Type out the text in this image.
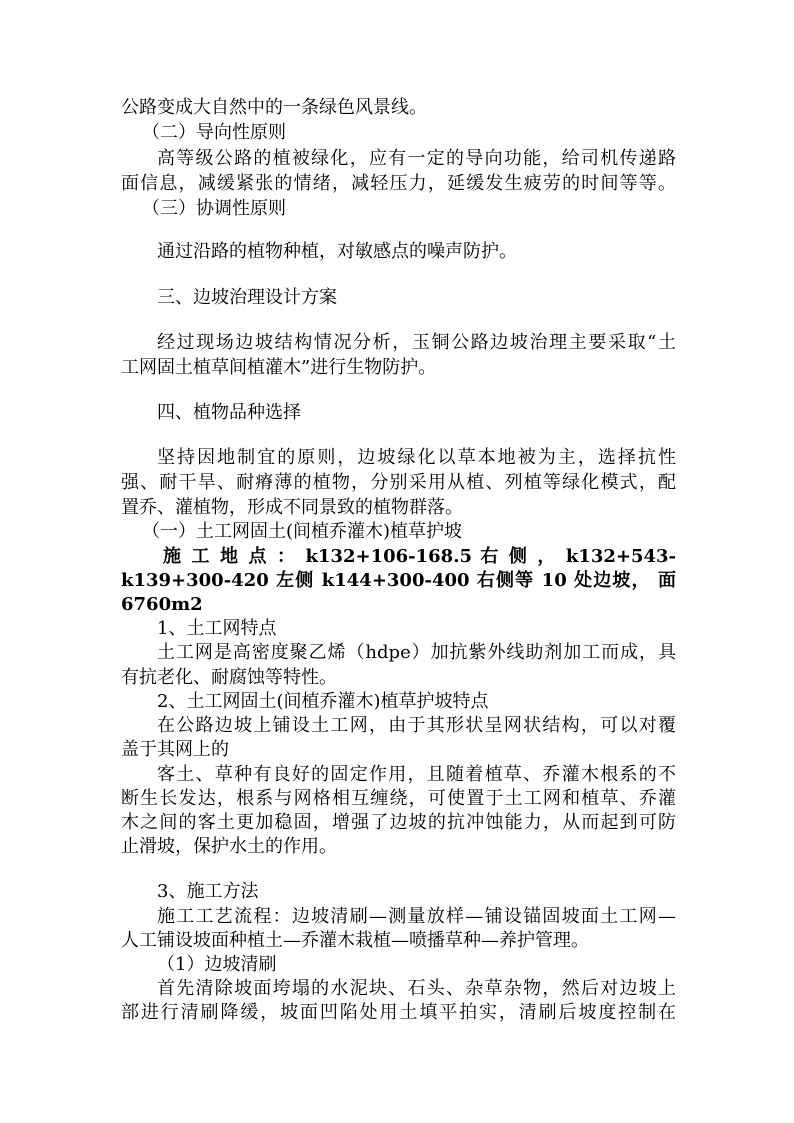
公路变成大自然中的一条绿色风景线。
（二）导向性原则
高等级公路的植被绿化，应有一定的导向功能，给司机传递路
面信息，减缓紧张的情绪，减轻压力，延缓发生疲劳的时间等等。
（三）协调性原则
通过沿路的植物种植，对敏感点的噪声防护。
三、边坡治理设计方案
经过现场边坡结构情况分析，玉铜公路边坡治理主要采取“土
工网固土植草间植灌木”进行生物防护。
四、植物品种选择
坚持因地制宜的原则，边坡绿化以草本地被为主，选择抗性
强、耐干旱、耐瘠薄的植物，分别采用从植、列植等绿化模式，配
置乔、灌植物，形成不同景致的植物群落。
（一）土工网固土(间植乔灌木)植草护坡
施 工 地 点 ： k132+106-168.5 右 侧 ， k132+543-
k139+300-420 左侧 k144+300-400 右侧等 10 处边坡， 面
6760m2
1、土工网特点
土工网是高密度聚乙烯（hdpe）加抗紫外线助剂加工而成，具
有抗老化、耐腐蚀等特性。
2、土工网固土(间植乔灌木)植草护坡特点
在公路边坡上铺设土工网，由于其形状呈网状结构，可以对覆
盖于其网上的
客土、草种有良好的固定作用，且随着植草、乔灌木根系的不
断生长发达，根系与网格相互缠绕，可使置于土工网和植草、乔灌
木之间的客土更加稳固，增强了边坡的抗冲蚀能力，从而起到可防
止滑坡，保护水土的作用。
3、施工方法
施工工艺流程：边坡清刷—测量放样—铺设锚固坡面土工网—
人工铺设坡面种植土—乔灌木栽植—喷播草种—养护管理。
（1）边坡清刷
首先清除坡面垮塌的水泥块、石头、杂草杂物，然后对边坡上
部进行清刷降缓，坡面凹陷处用土填平拍实，清刷后坡度控制在
